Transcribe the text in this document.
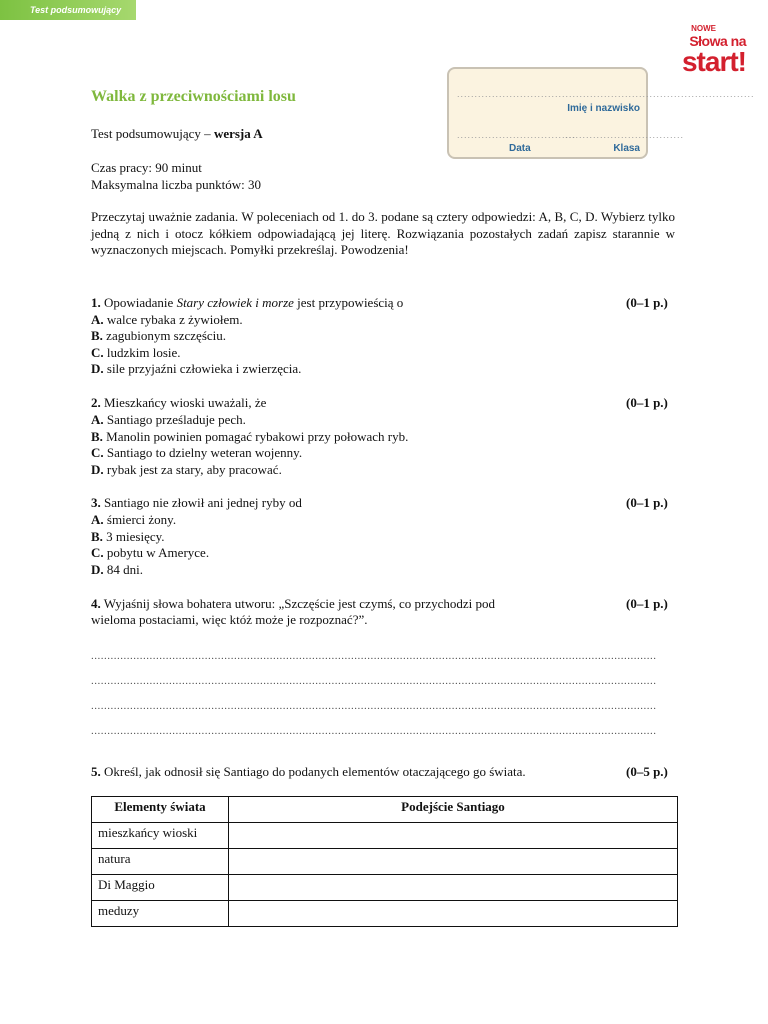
Test podsumowujący
NOWE
Słowa na
start!
Walka z przeciwnościami losu	.....................................................................................
Imię i nazwisko
..................................
..................................
Data	Klasa
Test podsumowujący – wersja A
Czas pracy: 90 minut
Maksymalna liczba punktów: 30
Przeczytaj uważnie zadania. W poleceniach od 1. do 3. podane są cztery odpowiedzi: A, B, C, D. Wybierz tylko jedną z nich i otocz kółkiem odpowiadającą jej literę. Rozwiązania pozostałych zadań zapisz starannie w wyznaczonych miejscach. Pomyłki przekreślaj. Powodzenia!
1. Opowiadanie Stary człowiek i morze jest przypowieścią o	(0–1 p.)
A. walce rybaka z żywiołem.
B. zagubionym szczęściu.
C. ludzkim losie.
D. sile przyjaźni człowieka i zwierzęcia.
2. Mieszkańcy wioski uważali, że	(0–1 p.)
A. Santiago prześladuje pech.
B. Manolin powinien pomagać rybakowi przy połowach ryb.
C. Santiago to dzielny weteran wojenny.
D. rybak jest za stary, aby pracować.
3. Santiago nie złowił ani jednej ryby od	(0–1 p.)
A. śmierci żony.
B. 3 miesięcy.
C. pobytu w Ameryce.
D. 84 dni.
4. Wyjaśnij słowa bohatera utworu: „Szczęście jest czymś, co przychodzi pod
wieloma postaciami, więc któż może je rozpoznać?”.
(0–1 p.)
..............................................................................................................................................................................
..............................................................................................................................................................................
..............................................................................................................................................................................
..............................................................................................................................................................................
5. Określ, jak odnosił się Santiago do podanych elementów otaczającego go świata.	(0–5 p.)
Elementy świata	Podejście Santiago
mieszkańcy wioski	
natura	
Di Maggio	
meduzy	
